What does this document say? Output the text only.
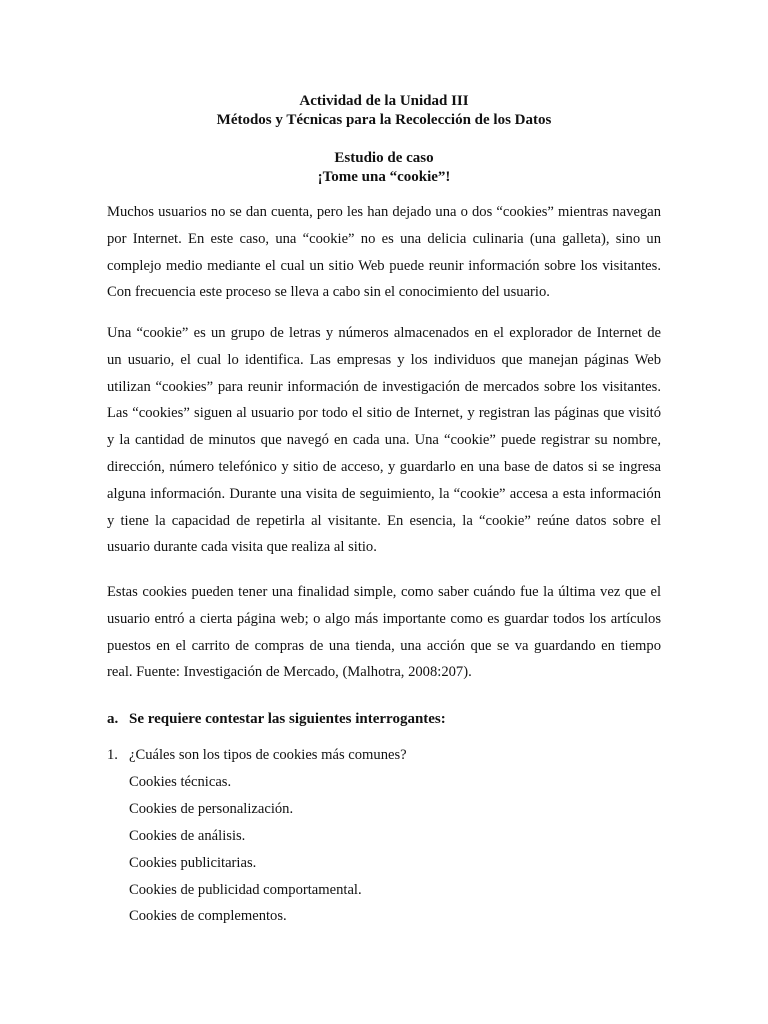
Actividad de la Unidad III
Métodos y Técnicas para la Recolección de los Datos
Estudio de caso
¡Tome una “cookie”!
Muchos usuarios no se dan cuenta, pero les han dejado una o dos “cookies” mientras navegan
por Internet. En este caso, una “cookie” no es una delicia culinaria (una galleta), sino un
complejo medio mediante el cual un sitio Web puede reunir información sobre los visitantes.
Con frecuencia este proceso se lleva a cabo sin el conocimiento del usuario.
Una “cookie” es un grupo de letras y números almacenados en el explorador de Internet de
un usuario, el cual lo identifica. Las empresas y los individuos que manejan páginas Web
utilizan “cookies” para reunir información de investigación de mercados sobre los visitantes.
Las “cookies” siguen al usuario por todo el sitio de Internet, y registran las páginas que visitó
y la cantidad de minutos que navegó en cada una. Una “cookie” puede registrar su nombre,
dirección, número telefónico y sitio de acceso, y guardarlo en una base de datos si se ingresa
alguna información. Durante una visita de seguimiento, la “cookie” accesa a esta información
y tiene la capacidad de repetirla al visitante. En esencia, la “cookie” reúne datos sobre el
usuario durante cada visita que realiza al sitio.
Estas cookies pueden tener una finalidad simple, como saber cuándo fue la última vez que el
usuario entró a cierta página web; o algo más importante como es guardar todos los artículos
puestos en el carrito de compras de una tienda, una acción que se va guardando en tiempo
real. Fuente: Investigación de Mercado, (Malhotra, 2008:207).
a. Se requiere contestar las siguientes interrogantes:
1. ¿Cuáles son los tipos de cookies más comunes?
Cookies técnicas.
Cookies de personalización.
Cookies de análisis.
Cookies publicitarias.
Cookies de publicidad comportamental.
Cookies de complementos.
